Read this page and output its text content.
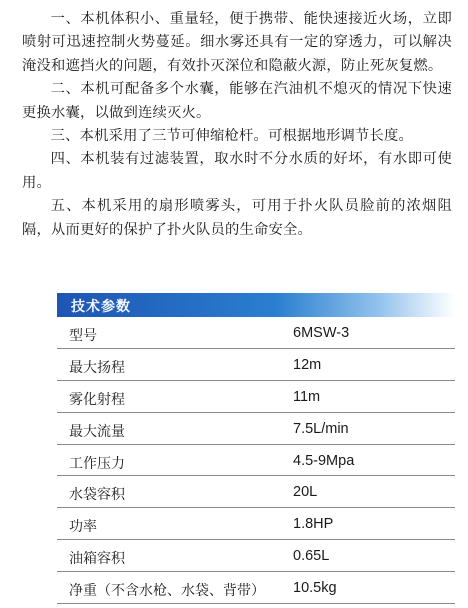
一、本机体积小、重量轻，便于携带、能快速接近火场，立即喷射可迅速控制火势蔓延。细水雾还具有一定的穿透力，可以解决淹没和遮挡火的问题，有效扑灭深位和隐蔽火源，防止死灰复燃。

二、本机可配备多个水囊，能够在汽油机不熄灭的情况下快速更换水囊，以做到连续灭火。

三、本机采用了三节可伸缩枪杆。可根据地形调节长度。

四、本机装有过滤装置，取水时不分水质的好坏，有水即可使用。

五、本机采用的扇形喷雾头，可用于扑火队员脸前的浓烟阻隔，从而更好的保护了扑火队员的生命安全。

技术参数
型号	6MSW-3
最大扬程	12m
雾化射程	11m
最大流量	7.5L/min
工作压力	4.5-9Mpa
水袋容积	20L
功率	1.8HP
油箱容积	0.65L
净重（不含水枪、水袋、背带） 10.5kg
